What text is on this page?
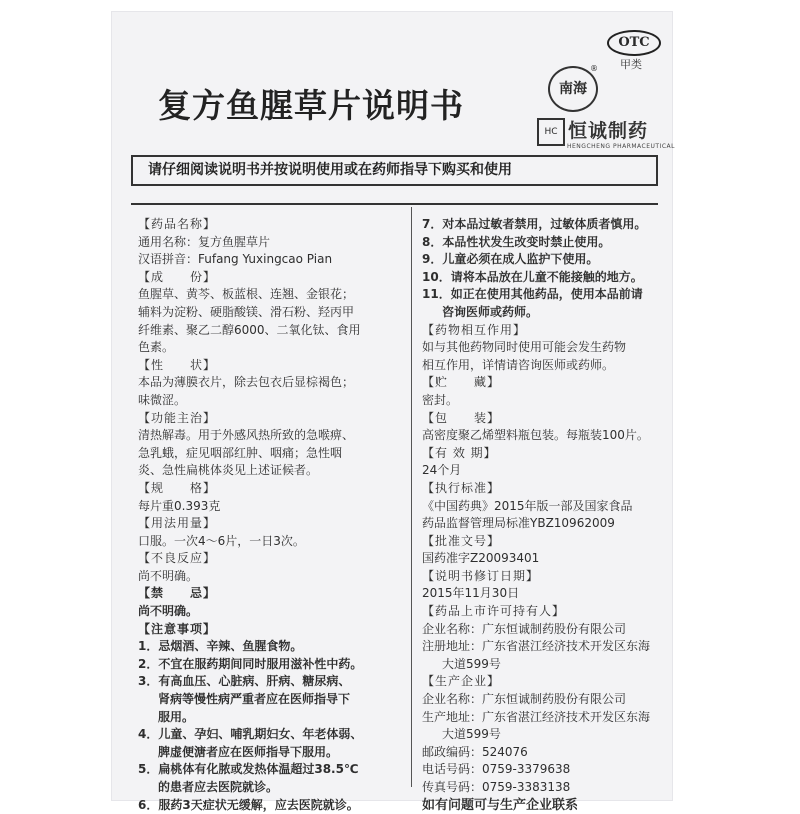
OTC
甲类
复方鱼腥草片说明书	南海
®
HC 恒诚制药
HENGCHENG PHARMACEUTICAL
请仔细阅读说明书并按说明使用或在药师指导下购买和使用
【药品名称】
通用名称：复方鱼腥草片
汉语拼音：Fufang Yuxingcao Pian
【成　　份】
鱼腥草、黄芩、板蓝根、连翘、金银花；
辅料为淀粉、硬脂酸镁、滑石粉、羟丙甲
纤维素、聚乙二醇6000、二氧化钛、食用
色素。
【性　　状】
本品为薄膜衣片，除去包衣后显棕褐色；
味微涩。
【功能主治】
清热解毒。用于外感风热所致的急喉痹、
急乳蛾，症见咽部红肿、咽痛；急性咽
炎、急性扁桃体炎见上述证候者。
【规　　格】
每片重0.393克
【用法用量】
口服。一次4～6片，一日3次。
【不良反应】
尚不明确。
【禁　　忌】
尚不明确。
【注意事项】
1．忌烟酒、辛辣、鱼腥食物。
2．不宜在服药期间同时服用滋补性中药。
3．有高血压、心脏病、肝病、糖尿病、
肾病等慢性病严重者应在医师指导下
服用。
4．儿童、孕妇、哺乳期妇女、年老体弱、
脾虚便溏者应在医师指导下服用。
5．扁桃体有化脓或发热体温超过38.5℃
的患者应去医院就诊。
6．服药3天症状无缓解，应去医院就诊。
7．对本品过敏者禁用，过敏体质者慎用。
8．本品性状发生改变时禁止使用。
9．儿童必须在成人监护下使用。
10．请将本品放在儿童不能接触的地方。
11．如正在使用其他药品，使用本品前请
咨询医师或药师。
【药物相互作用】
如与其他药物同时使用可能会发生药物
相互作用，详情请咨询医师或药师。
【贮　　藏】
密封。
【包　　装】
高密度聚乙烯塑料瓶包装。每瓶装100片。
【有 效 期】
24个月
【执行标准】
《中国药典》2015年版一部及国家食品
药品监督管理局标准YBZ10962009
【批准文号】
国药准字Z20093401
【说明书修订日期】
2015年11月30日
【药品上市许可持有人】
企业名称：广东恒诚制药股份有限公司
注册地址：广东省湛江经济技术开发区东海
大道599号
【生产企业】
企业名称：广东恒诚制药股份有限公司
生产地址：广东省湛江经济技术开发区东海
大道599号
邮政编码：524076
电话号码：0759-3379638
传真号码：0759-3383138
如有问题可与生产企业联系
